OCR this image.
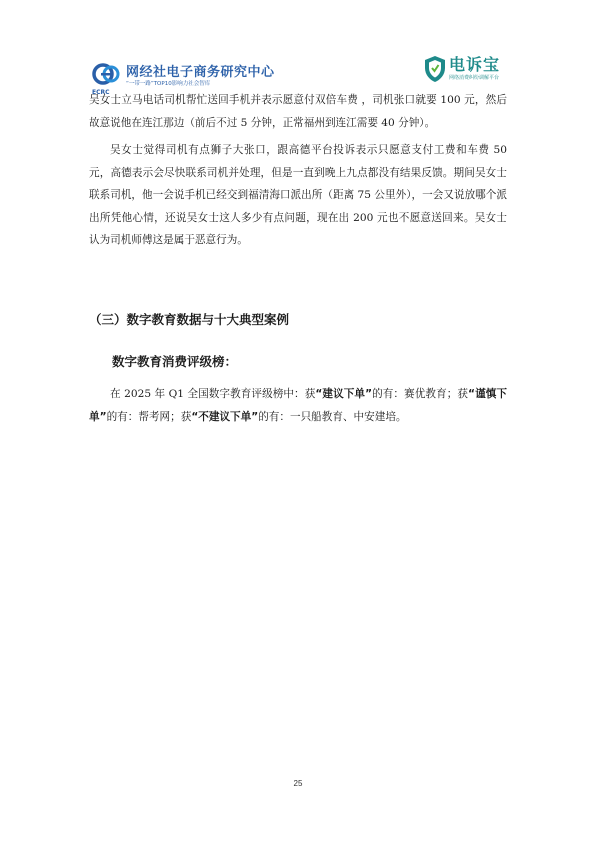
ECRC
网经社电子商务研究中心
“一带一路”TOP10影响力社会智库
电诉宝
网络消费纠纷调解平台

吴女士立马电话司机帮忙送回手机并表示愿意付双倍车费 ，司机张口就要 100 元，然后故意说他在连江那边（前后不过 5 分钟，正常福州到连江需要 40 分钟）。

吴女士觉得司机有点狮子大张口，跟高德平台投诉表示只愿意支付工费和车费 50 元，高德表示会尽快联系司机并处理，但是一直到晚上九点都没有结果反馈。期间吴女士联系司机，他一会说手机已经交到福清海口派出所（距离 75 公里外），一会又说放哪个派出所凭他心情，还说吴女士这人多少有点问题，现在出 200 元也不愿意送回来。吴女士认为司机师傅这是属于恶意行为。

（三）数字教育数据与十大典型案例
数字教育消费评级榜：

在 2025 年 Q1 全国数字教育评级榜中：获“建议下单”的有：赛优教育；获“谨慎下单”的有：帮考网；获“不建议下单”的有：一只船教育、中安建培。

25
